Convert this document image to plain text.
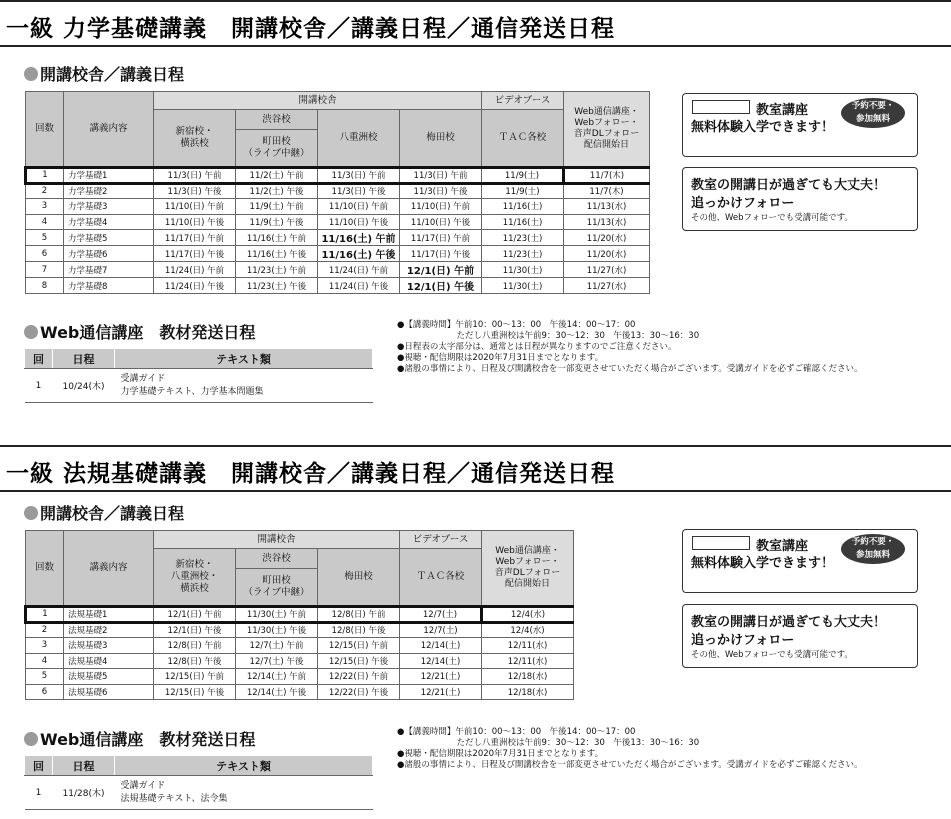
一級 力学基礎講義　開講校舎／講義日程／通信発送日程
開講校舎／講義日程
回数	講義内容	開講校舎				ビデオブース	Web通信講座・
Webフォロー・
音声DLフォロー
配信開始日
		新宿校・
横浜校	渋谷校	八重洲校	梅田校	ＴＡＣ各校	
			町田校
（ライブ中継）				
1	力学基礎1	11/3(日) 午前	11/2(土) 午前	11/3(日) 午前	11/3(日) 午前	11/9(土)	11/7(木)
2	力学基礎2	11/3(日) 午後	11/2(土) 午後	11/3(日) 午後	11/3(日) 午後	11/9(土)	11/7(木)
3	力学基礎3	11/10(日) 午前	11/9(土) 午前	11/10(日) 午前	11/10(日) 午前	11/16(土)	11/13(水)
4	力学基礎4	11/10(日) 午後	11/9(土) 午後	11/10(日) 午後	11/10(日) 午後	11/16(土)	11/13(水)
5	力学基礎5	11/17(日) 午前	11/16(土) 午前	11/16(土) 午前	11/17(日) 午前	11/23(土)	11/20(水)
6	力学基礎6	11/17(日) 午後	11/16(土) 午後	11/16(土) 午後	11/17(日) 午後	11/23(土)	11/20(水)
7	力学基礎7	11/24(日) 午前	11/23(土) 午前	11/24(日) 午前	12/1(日) 午前	11/30(土)	11/27(水)
8	力学基礎8	11/24(日) 午後	11/23(土) 午後	11/24(日) 午後	12/1(日) 午後	11/30(土)	11/27(水)
教室講座
無料体験入学できます！
予約不要・
参加無料
教室の開講日が過ぎても大丈夫！
追っかけフォロー
その他、Webフォローでも受講可能です。
Web通信講座　教材発送日程
回	日程	テキスト類
1	10/24(木)	受講ガイド
力学基礎テキスト、力学基本問題集
●【講義時間】午前10：00～13：00　午後14：00～17：00
　　　　　　　ただし八重洲校は午前9：30～12：30　午後13：30～16：30
●日程表の太字部分は、通常とは日程が異なりますのでご注意ください。
●視聴・配信期限は2020年7月31日までとなります。
●諸般の事情により、日程及び開講校舎を一部変更させていただく場合がございます。受講ガイドを必ずご確認ください。
一級 法規基礎講義　開講校舎／講義日程／通信発送日程
開講校舎／講義日程
回数	講義内容	開講校舎			ビデオブース	Web通信講座・
Webフォロー・
音声DLフォロー
配信開始日
		新宿校・
八重洲校・
横浜校	渋谷校	梅田校	ＴＡＣ各校	
			町田校
（ライブ中継）			
1	法規基礎1	12/1(日) 午前	11/30(土) 午前	12/8(日) 午前	12/7(土)	12/4(水)
2	法規基礎2	12/1(日) 午後	11/30(土) 午後	12/8(日) 午後	12/7(土)	12/4(水)
3	法規基礎3	12/8(日) 午前	12/7(土) 午前	12/15(日) 午前	12/14(土)	12/11(水)
4	法規基礎4	12/8(日) 午後	12/7(土) 午後	12/15(日) 午後	12/14(土)	12/11(水)
5	法規基礎5	12/15(日) 午前	12/14(土) 午前	12/22(日) 午前	12/21(土)	12/18(水)
6	法規基礎6	12/15(日) 午後	12/14(土) 午後	12/22(日) 午後	12/21(土)	12/18(水)
教室講座
無料体験入学できます！
予約不要・
参加無料
教室の開講日が過ぎても大丈夫！
追っかけフォロー
その他、Webフォローでも受講可能です。
Web通信講座　教材発送日程
回	日程	テキスト類
1	11/28(木)	受講ガイド
法規基礎テキスト、法令集
●【講義時間】午前10：00～13：00　午後14：00～17：00
　　　　　　　ただし八重洲校は午前9：30～12：30　午後13：30～16：30
●視聴・配信期限は2020年7月31日までとなります。
●諸般の事情により、日程及び開講校舎を一部変更させていただく場合がございます。受講ガイドを必ずご確認ください。
